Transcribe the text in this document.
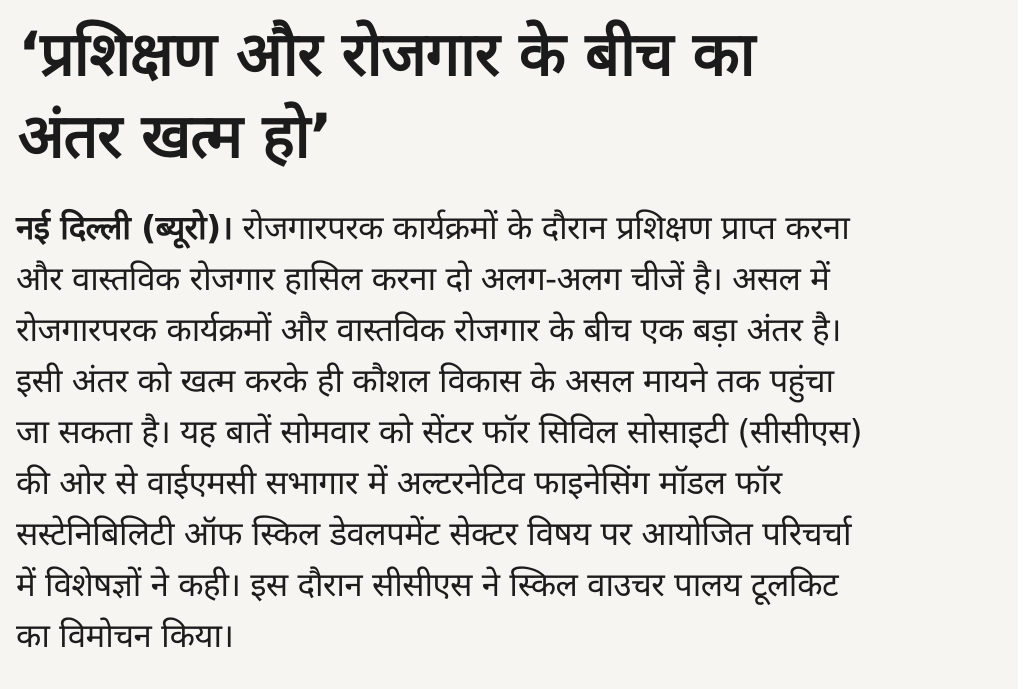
‘प्रशिक्षण और रोजगार के बीच का
अंतर खत्म हो’
नई दिल्ली (ब्यूरो)। रोजगारपरक कार्यक्रमों के दौरान प्रशिक्षण प्राप्त करना
और वास्तविक रोजगार हासिल करना दो अलग-अलग चीजें है। असल में
रोजगारपरक कार्यक्रमों और वास्तविक रोजगार के बीच एक बड़ा अंतर है।
इसी अंतर को खत्म करके ही कौशल विकास के असल मायने तक पहुंचा
जा सकता है। यह बातें सोमवार को सेंटर फॉर सिविल सोसाइटी (सीसीएस)
की ओर से वाईएमसी सभागार में अल्टरनेटिव फाइनेसिंग मॉडल फॉर
सस्टेनिबिलिटी ऑफ स्किल डेवलपमेंट सेक्टर विषय पर आयोजित परिचर्चा
में विशेषज्ञों ने कही। इस दौरान सीसीएस ने स्किल वाउचर पालय टूलकिट
का विमोचन किया।
